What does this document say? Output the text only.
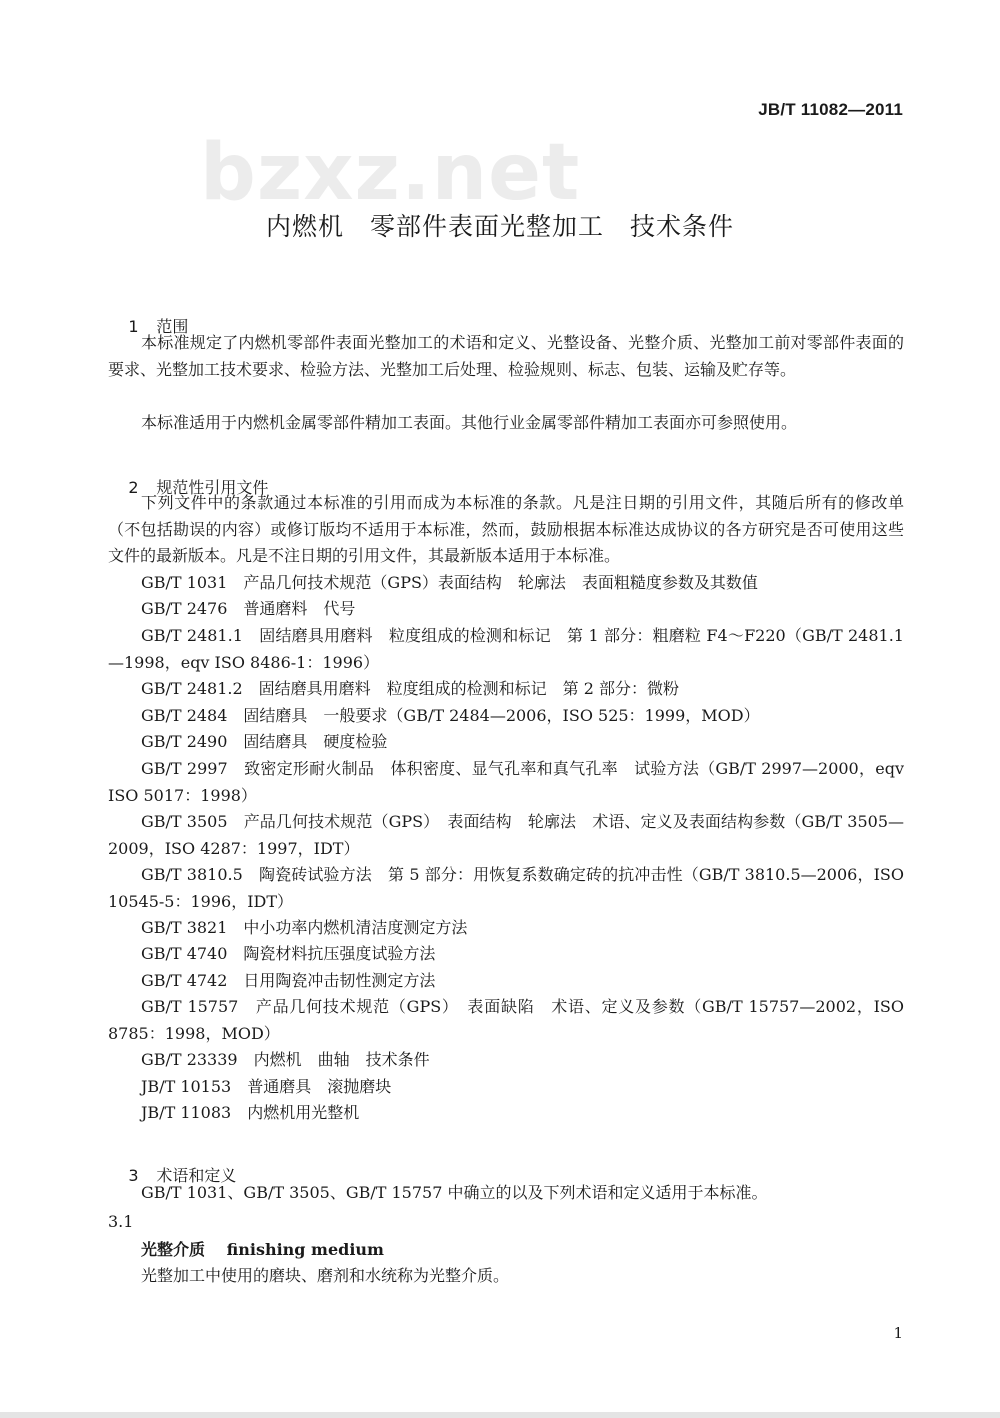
JB/T 11082—2011
bzxz.net
内燃机　零部件表面光整加工　技术条件

1 范围

本标准规定了内燃机零部件表面光整加工的术语和定义、光整设备、光整介质、光整加工前对零部件表面的要求、光整加工技术要求、检验方法、光整加工后处理、检验规则、标志、包装、运输及贮存等。
本标准适用于内燃机金属零部件精加工表面。其他行业金属零部件精加工表面亦可参照使用。

2 规范性引用文件

下列文件中的条款通过本标准的引用而成为本标准的条款。凡是注日期的引用文件，其随后所有的修改单（不包括勘误的内容）或修订版均不适用于本标准，然而，鼓励根据本标准达成协议的各方研究是否可使用这些文件的最新版本。凡是不注日期的引用文件，其最新版本适用于本标准。
GB/T 1031　产品几何技术规范（GPS）表面结构　轮廓法　表面粗糙度参数及其数值
GB/T 2476　普通磨料　代号
GB/T 2481.1　固结磨具用磨料　粒度组成的检测和标记　第 1 部分：粗磨粒 F4～F220（GB/T 2481.1—1998，eqv ISO 8486-1：1996）
GB/T 2481.2　固结磨具用磨料　粒度组成的检测和标记　第 2 部分：微粉
GB/T 2484　固结磨具　一般要求（GB/T 2484—2006，ISO 525：1999，MOD）
GB/T 2490　固结磨具　硬度检验
GB/T 2997　致密定形耐火制品　体积密度、显气孔率和真气孔率　试验方法（GB/T 2997—2000，eqv ISO 5017：1998）
GB/T 3505　产品几何技术规范（GPS）　表面结构　轮廓法　术语、定义及表面结构参数（GB/T 3505—2009，ISO 4287：1997，IDT）
GB/T 3810.5　陶瓷砖试验方法　第 5 部分：用恢复系数确定砖的抗冲击性（GB/T 3810.5—2006，ISO 10545-5：1996，IDT）
GB/T 3821　中小功率内燃机清洁度测定方法
GB/T 4740　陶瓷材料抗压强度试验方法
GB/T 4742　日用陶瓷冲击韧性测定方法
GB/T 15757　产品几何技术规范（GPS）　表面缺陷　术语、定义及参数（GB/T 15757—2002，ISO 8785：1998，MOD）
GB/T 23339　内燃机　曲轴　技术条件
JB/T 10153　普通磨具　滚抛磨块
JB/T 11083　内燃机用光整机

3 术语和定义

GB/T 1031、GB/T 3505、GB/T 15757 中确立的以及下列术语和定义适用于本标准。
3.1
光整介质　 finishing medium
光整加工中使用的磨块、磨剂和水统称为光整介质。
1
